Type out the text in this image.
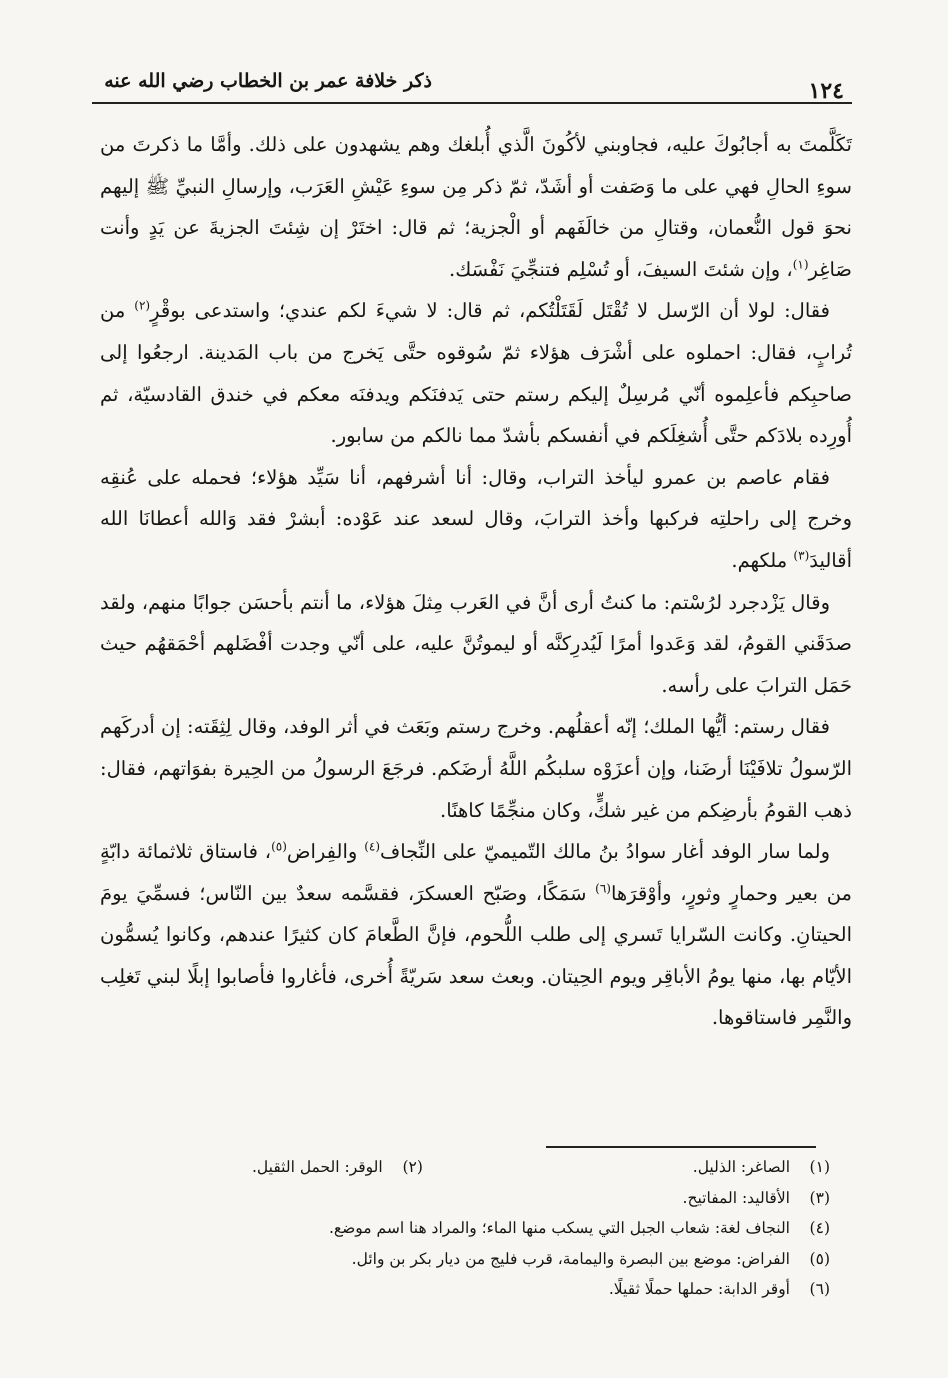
ذكر خلافة عمر بن الخطاب رضي الله عنه	١٢٤

تَكَلَّمتَ به أجابُوكَ عليه، فجاوبني لأكُونَ الَّذي أُبلغك وهم يشهدون على ذلك. وأمَّا ما ذكرتَ من سوءِ الحالِ فهي على ما وَصَفت أو أشَدّ، ثمّ ذكر مِن سوءِ عَيْشِ العَرَب، وإرسالِ النبيِّ ﷺ إليهم نحوَ قول النُّعمان، وقتالِ من خالَفَهم أو الْجزية؛ ثم قال: اختَرْ إن شِئتَ الجزيةَ عن يَدٍ وأنت صَاغِر$^{(١)}$، وإن شئتَ السيفَ، أو تُسْلِم فتنجِّيَ نَفْسَك.

فقال: لولا أن الرّسل لا تُقْتَل لَقَتَلْتُكم، ثم قال: لا شيءَ لكم عندي؛ واستدعى بوقْرٍ$^{(٢)}$ من تُرابٍ، فقال: احملوه على أشْرَف هؤلاء ثمّ سُوقوه حتَّى يَخرج من باب المَدينة. ارجعُوا إلى صاحبِكم فأعلِموه أنّي مُرسِلٌ إليكم رستم حتى يَدفنَكم ويدفنَه معكم في خندق القادسيّة، ثم أُورِده بلادَكم حتَّى أُشغِلَكم في أنفسكم بأشدّ مما نالكم من سابور.

فقام عاصم بن عمرو ليأخذ التراب، وقال: أنا أشرفهم، أنا سَيِّد هؤلاء؛ فحمله على عُنقِه وخرج إلى راحلتِه فركبها وأخذ الترابَ، وقال لسعد عند عَوْده: أبشرْ فقد وَالله أعطانَا الله أقاليدَ$^{(٣)}$ ملكهم.

وقال يَزْدجرد لرُسْتم: ما كنتُ أرى أنَّ في العَرب مِثلَ هؤلاء، ما أنتم بأحسَن جوابًا منهم، ولقد صدَقَني القومُ، لقد وَعَدوا أمرًا لَيُدرِكنَّه أو ليموتُنَّ عليه، على أنّي وجدت أفْضَلهم أحْمَقهُم حيث حَمَل الترابَ على رأسه.

فقال رستم: أيُّها الملك؛ إنّه أعقلُهم. وخرج رستم وبَعَث في أثر الوفد، وقال لِثِقَته: إن أدركَهم الرّسولُ تلافَيْنَا أرضَنا، وإن أعزَوْه سلبكُم اللَّهُ أرضَكم. فرجَعَ الرسولُ من الحِيرة بفوَاتهم، فقال: ذهب القومُ بأرضِكم من غير شكٍّ، وكان منجِّمًا كاهنًا.

ولما سار الوفد أغار سوادُ بنُ مالك التّميميّ على النِّجاف$^{(٤)}$ والفِراض$^{(٥)}$، فاستاق ثلاثمائة دابّةٍ من بعير وحمارٍ وثورٍ، وأوْقرَها$^{(٦)}$ سَمَكًا، وصَبّح العسكرَ، فقسَّمه سعدٌ بين النّاس؛ فسمِّيَ يومَ الحيتانِ. وكانت السّرايا تَسري إلى طلب اللُّحوم، فإنَّ الطَّعامَ كان كثيرًا عندهم، وكانوا يُسمُّون الأيّام بها، منها يومُ الأباقِر ويوم الحِيتان. وبعث سعد سَريّةً أُخرى، فأغاروا فأصابوا إبلًا لبني تَغلِب والنَّمِر فاستاقوها.

(١)الصاغر: الذليل.
(٣)الأقاليد: المفاتيح.
(٤)النجاف لغة: شعاب الجبل التي يسكب منها الماء؛ والمراد هنا اسم موضع.
(٥)الفراض: موضع بين البصرة واليمامة، قرب فليج من ديار بكر بن وائل.
(٦)أوقر الدابة: حملها حملًا ثقيلًا.
(٢)    الوقر: الحمل الثقيل.
